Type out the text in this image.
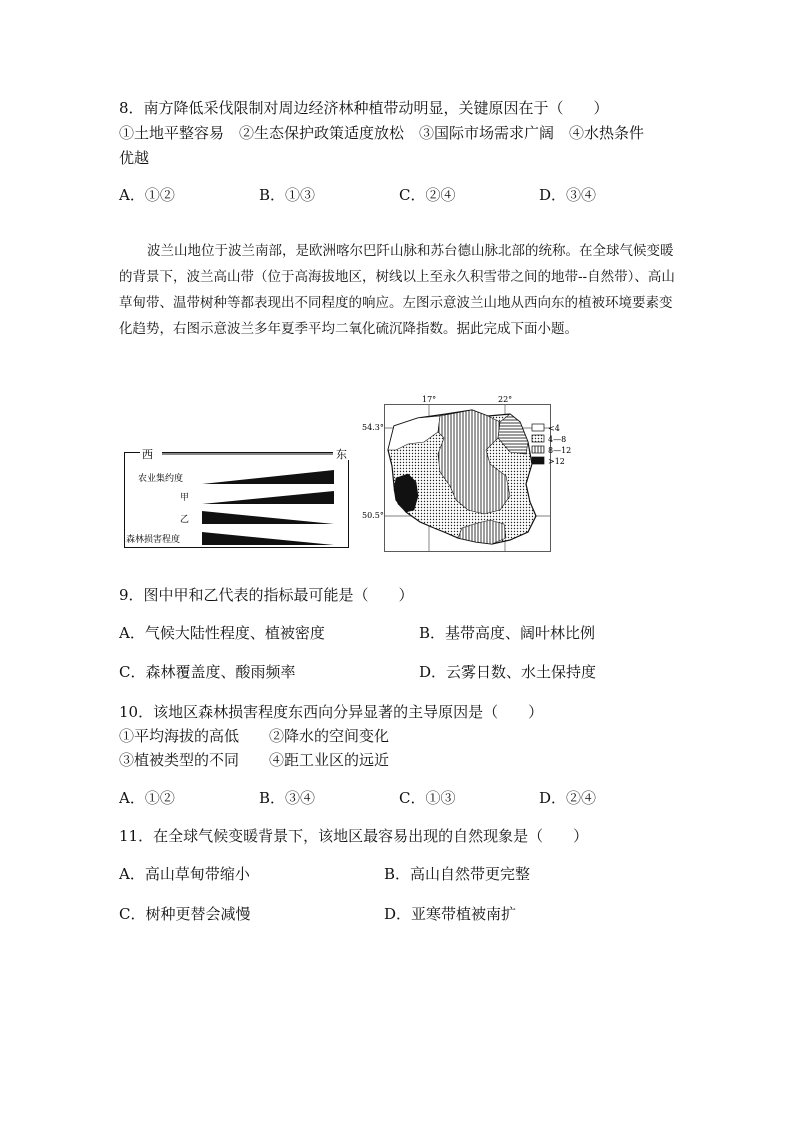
8．南方降低采伐限制对周边经济林种植带动明显，关键原因在于（　　）
①土地平整容易　②生态保护政策适度放松　③国际市场需求广阔　④水热条件
优越
A．①②	B．①③	C．②④	D．③④

波兰山地位于波兰南部，是欧洲喀尔巴阡山脉和苏台德山脉北部的统称。在全球气候变暖的背景下，波兰高山带（位于高海拔地区，树线以上至永久积雪带之间的地带--自然带）、高山草甸带、温带树种等都表现出不同程度的响应。左图示意波兰山地从西向东的植被环境要素变化趋势，右图示意波兰多年夏季平均二氧化硫沉降指数。据此完成下面小题。

西	东
农业集约度
甲
乙
森林损害程度
17°	22°
54.3°
50.5°
<4
4—8
8—12
>12
9．图中甲和乙代表的指标最可能是（　　）
A．气候大陆性程度、植被密度	B．基带高度、阔叶林比例
C．森林覆盖度、酸雨频率	D．云雾日数、水土保持度
10．该地区森林损害程度东西向分异显著的主导原因是（　　）
①平均海拔的高低　　②降水的空间变化
③植被类型的不同　　④距工业区的远近
A．①②	B．③④	C．①③	D．②④
11．在全球气候变暖背景下，该地区最容易出现的自然现象是（　　）
A．高山草甸带缩小	B．高山自然带更完整
C．树种更替会减慢	D．亚寒带植被南扩
